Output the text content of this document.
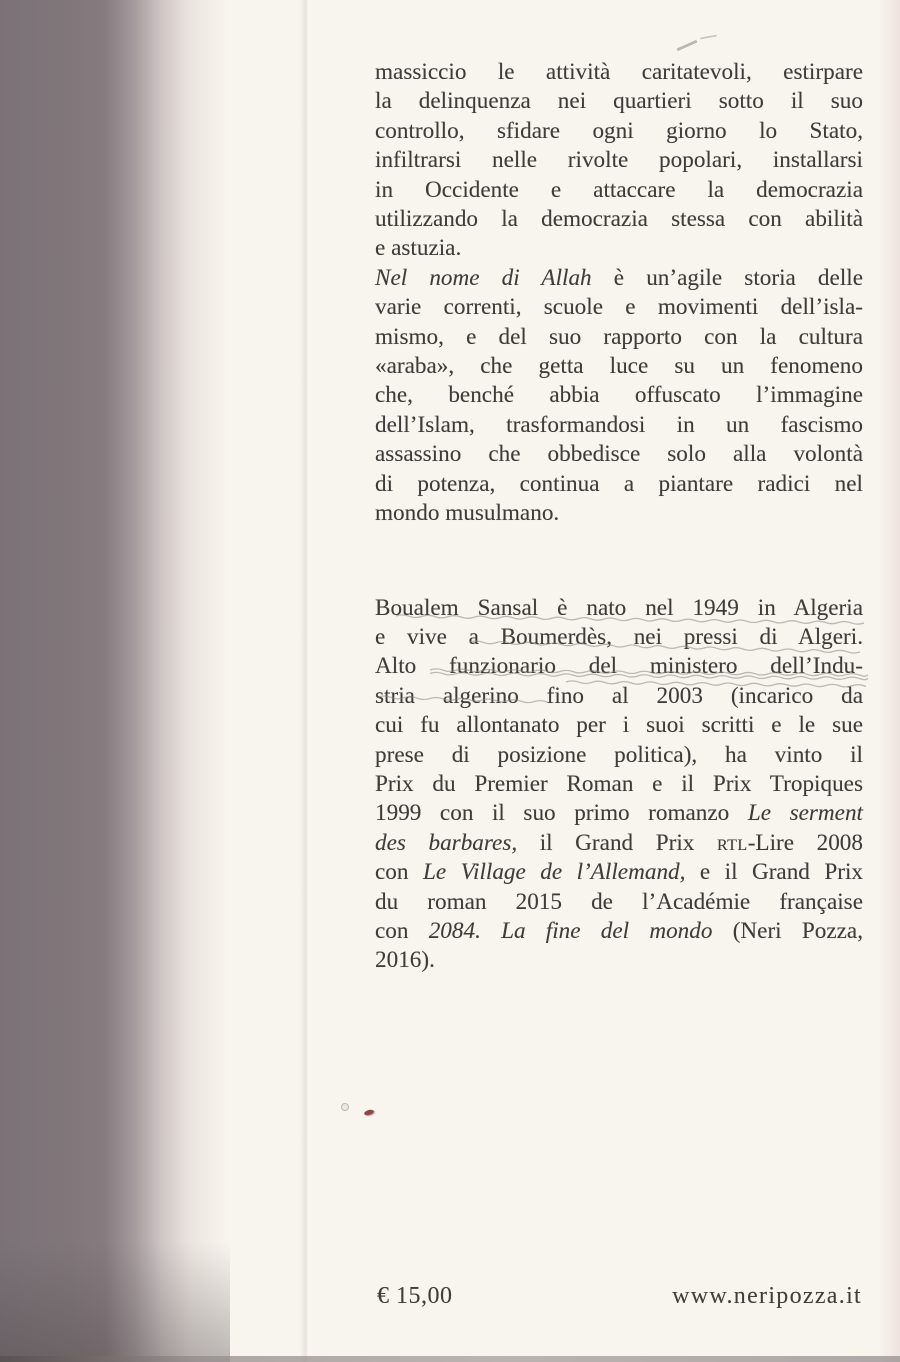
massiccio le attività caritatevoli, estirpare
la delinquenza nei quartieri sotto il suo
controllo, sfidare ogni giorno lo Stato,
infiltrarsi nelle rivolte popolari, installarsi
in Occidente e attaccare la democrazia
utilizzando la democrazia stessa con abilità
e astuzia.
Nel nome di Allah è un’agile storia delle
varie correnti, scuole e movimenti dell’isla-
mismo, e del suo rapporto con la cultura
«araba», che getta luce su un fenomeno
che, benché abbia offuscato l’immagine
dell’Islam, trasformandosi in un fascismo
assassino che obbedisce solo alla volontà
di potenza, continua a piantare radici nel
mondo musulmano.
Boualem Sansal è nato nel 1949 in Algeria
e vive a Boumerdès, nei pressi di Algeri.
Alto funzionario del ministero dell’Indu-
stria algerino fino al 2003 (incarico da
cui fu allontanato per i suoi scritti e le sue
prese di posizione politica), ha vinto il
Prix du Premier Roman e il Prix Tropiques
1999 con il suo primo romanzo Le serment
des barbares, il Grand Prix rtl-Lire 2008
con Le Village de l’Allemand, e il Grand Prix
du roman 2015 de l’Académie française
con 2084. La fine del mondo (Neri Pozza,
2016).
€ 15,00	www.neripozza.it
